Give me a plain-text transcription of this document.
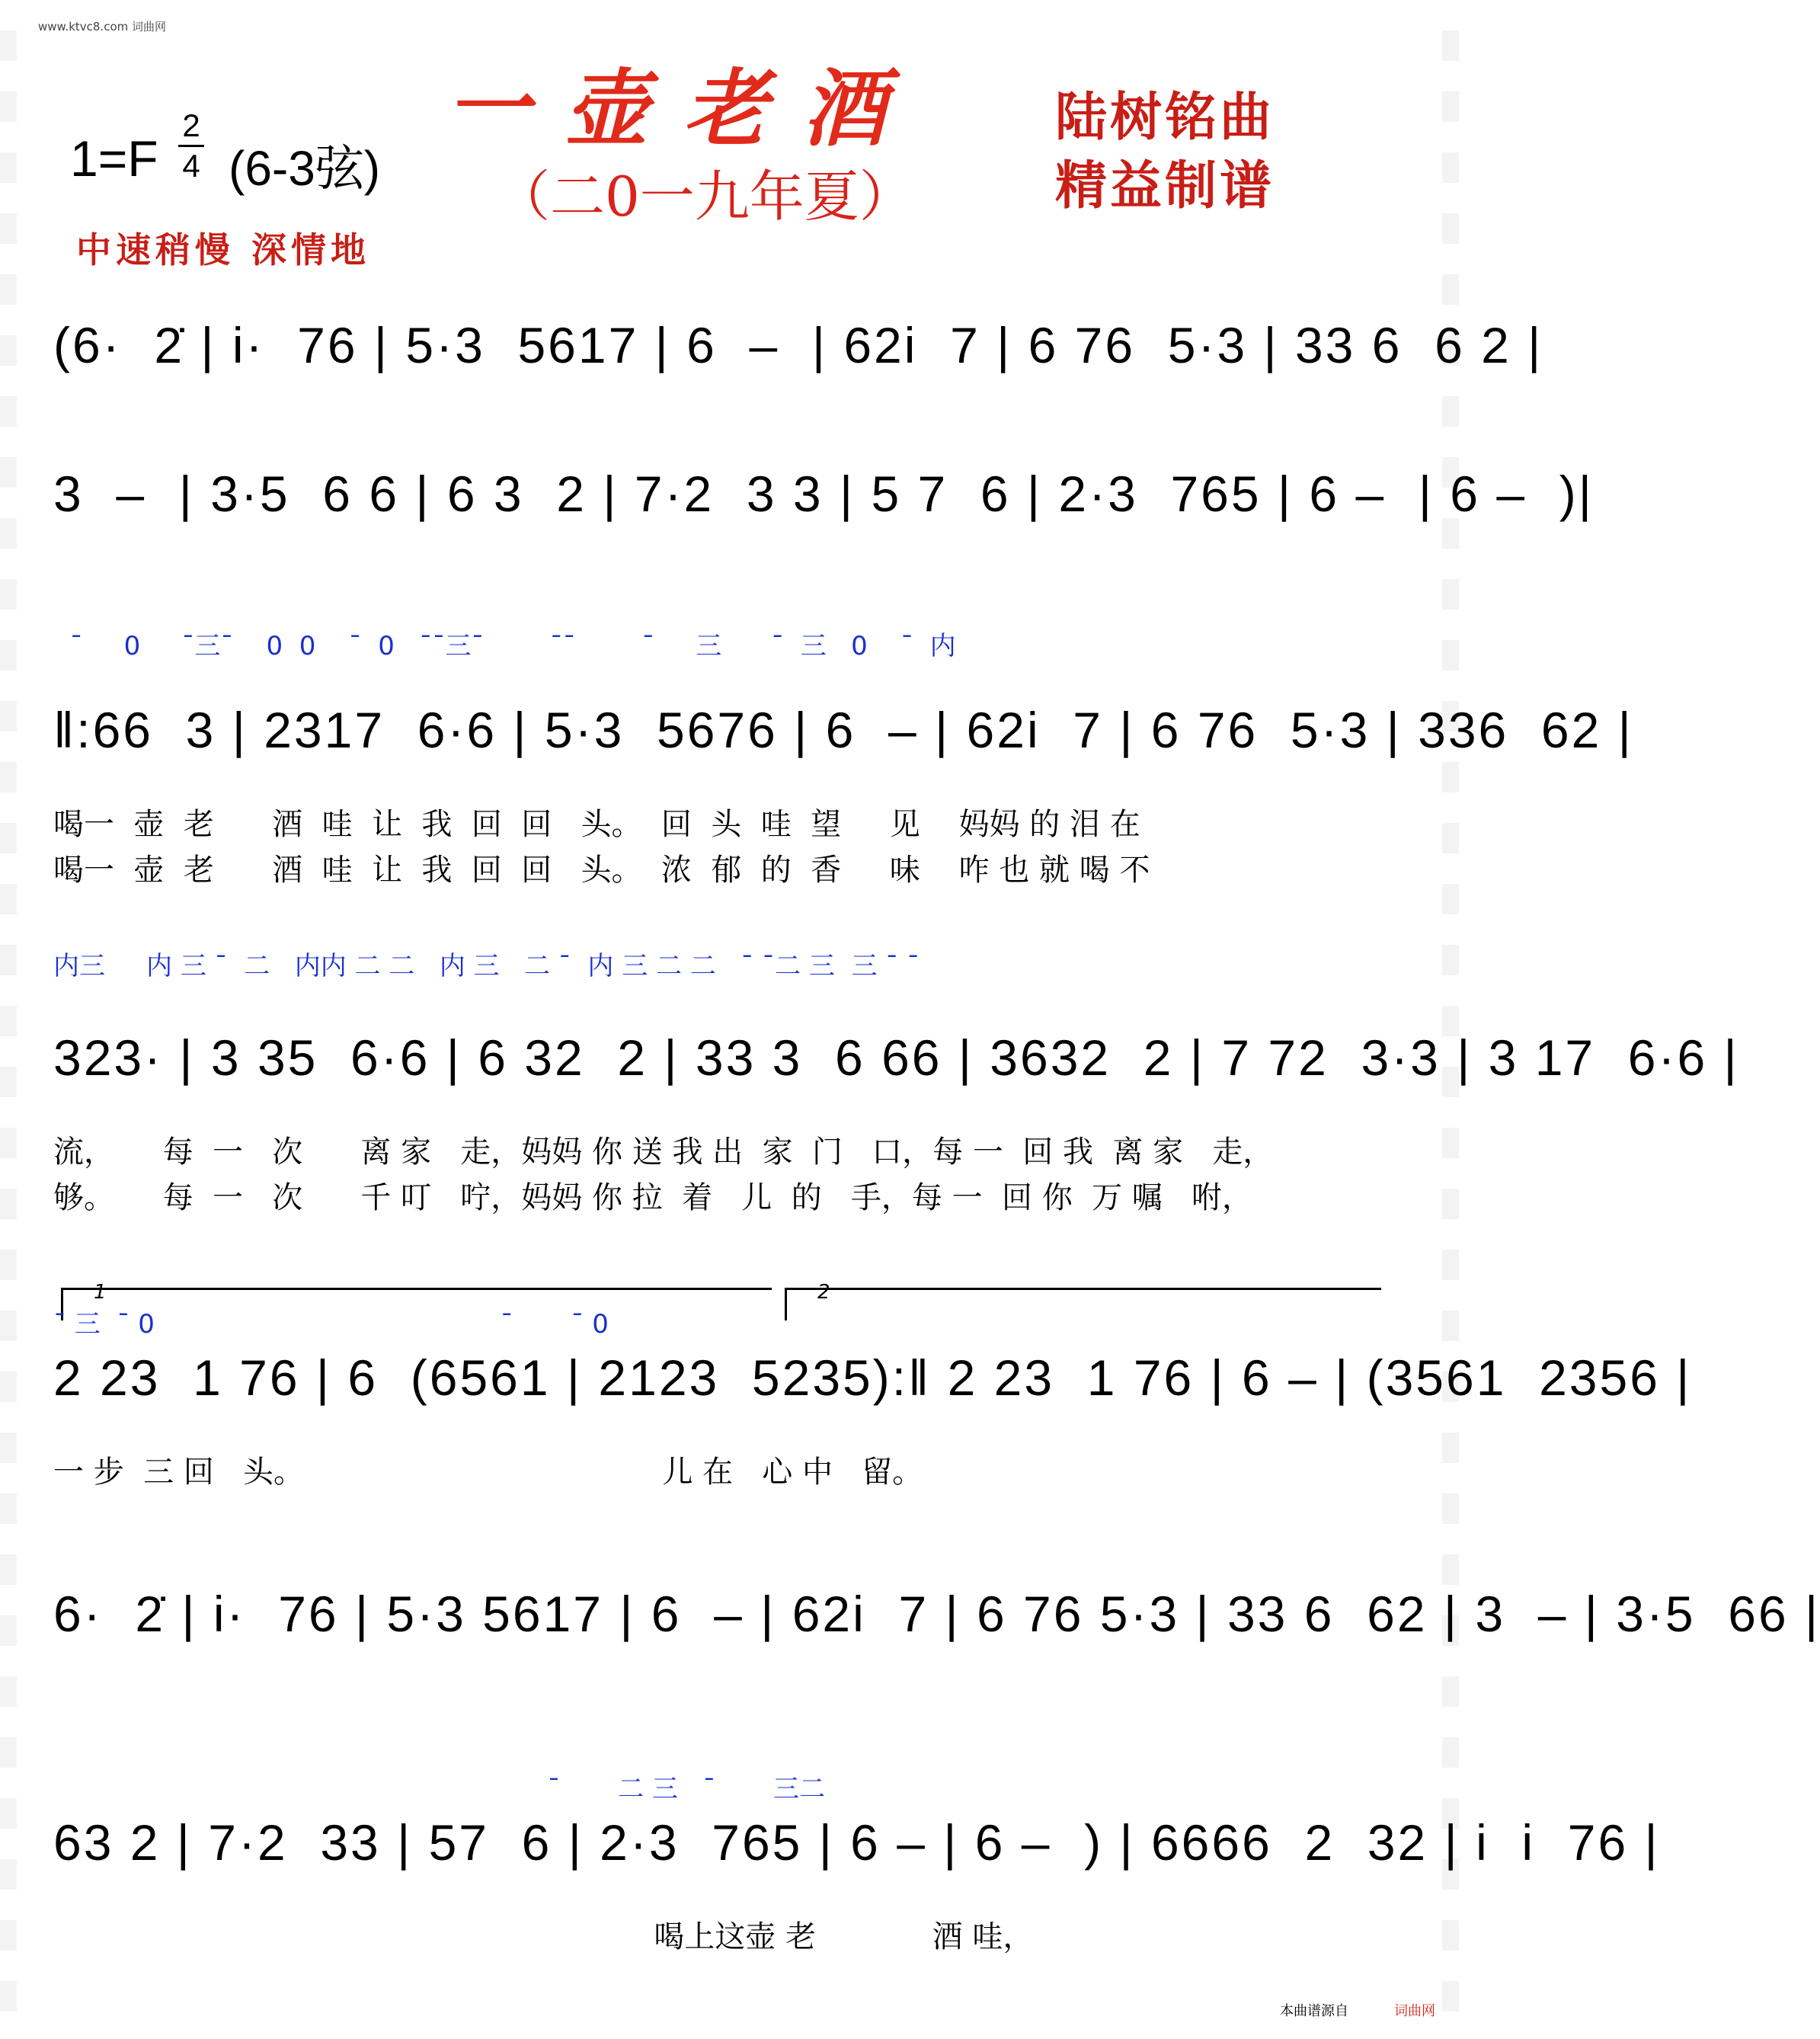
www.ktvc8.com 词曲网
1=F
2
4 (6-3弦)
一壶老酒
（二0一九年夏）
陆树铭曲
精益制谱
中速稍慢 深情地
(6·  2̇ | i·  76 | 5·3  5617 | 6  –  | 62i  7 | 6 76  5·3 | 33 6  6 2 |
3  –  | 3·5  6 6 | 6 3  2 | 7·2  3 3 | 5 7  6 | 2·3  765 | 6 –  | 6 –  )|
ˉ     0     ˉ三ˉ    0  0    ˉ  0   ˉˉ三ˉ        ˉˉ        ˉ     三      ˉ  三   0    ˉ  内
‖:66  3 | 2317  6·6 | 5·3  5676 | 6  – | 62i  7 | 6 76  5·3 | 336  62 |
喝一  壶  老      酒  哇  让  我  回  回   头。  回  头  哇  望     见    妈妈 的 泪 在
喝一  壶  老      酒  哇  让  我  回  回   头。  浓  郁  的  香     味    咋 也 就 喝 不
内三     内 三 ˉ  二   内内 二 二   内 三   二 ˉ  内 三 二 二   ˉ ˉ二 三  三 ˉ ˉ
323· | 3 35  6·6 | 6 32  2 | 33 3  6 66 | 3632  2 | 7 72  3·3 | 3 17  6·6 |
流，     每  一   次      离 家   走，妈妈 你 送 我 出  家  门   口，每 一  回 我  离 家   走，
够。     每  一   次      千 叮   咛，妈妈 你 拉  着   儿  的   手，每 一  回 你  万 嘱   咐，
1	2
ˉ 三  ˉ 0                                          ˉ       ˉ 0
2 23  1 76 | 6  (6561 | 2123  5235):‖ 2 23  1 76 | 6 – | (3561  2356 |
一 步  三 回   头。                                     儿 在   心 中   留。
6·  2̇ | i·  76 | 5·3 5617 | 6  – | 62i  7 | 6 76 5·3 | 33 6  62 | 3  – | 3·5  66 |
ˉ       二 三   ˉ       三二
63 2 | 7·2  33 | 57  6 | 2·3  765 | 6 – | 6 –  ) | 6666  2  32 | i  i  76 |
喝上这壶 老            酒 哇，
本曲谱源自	词曲网
